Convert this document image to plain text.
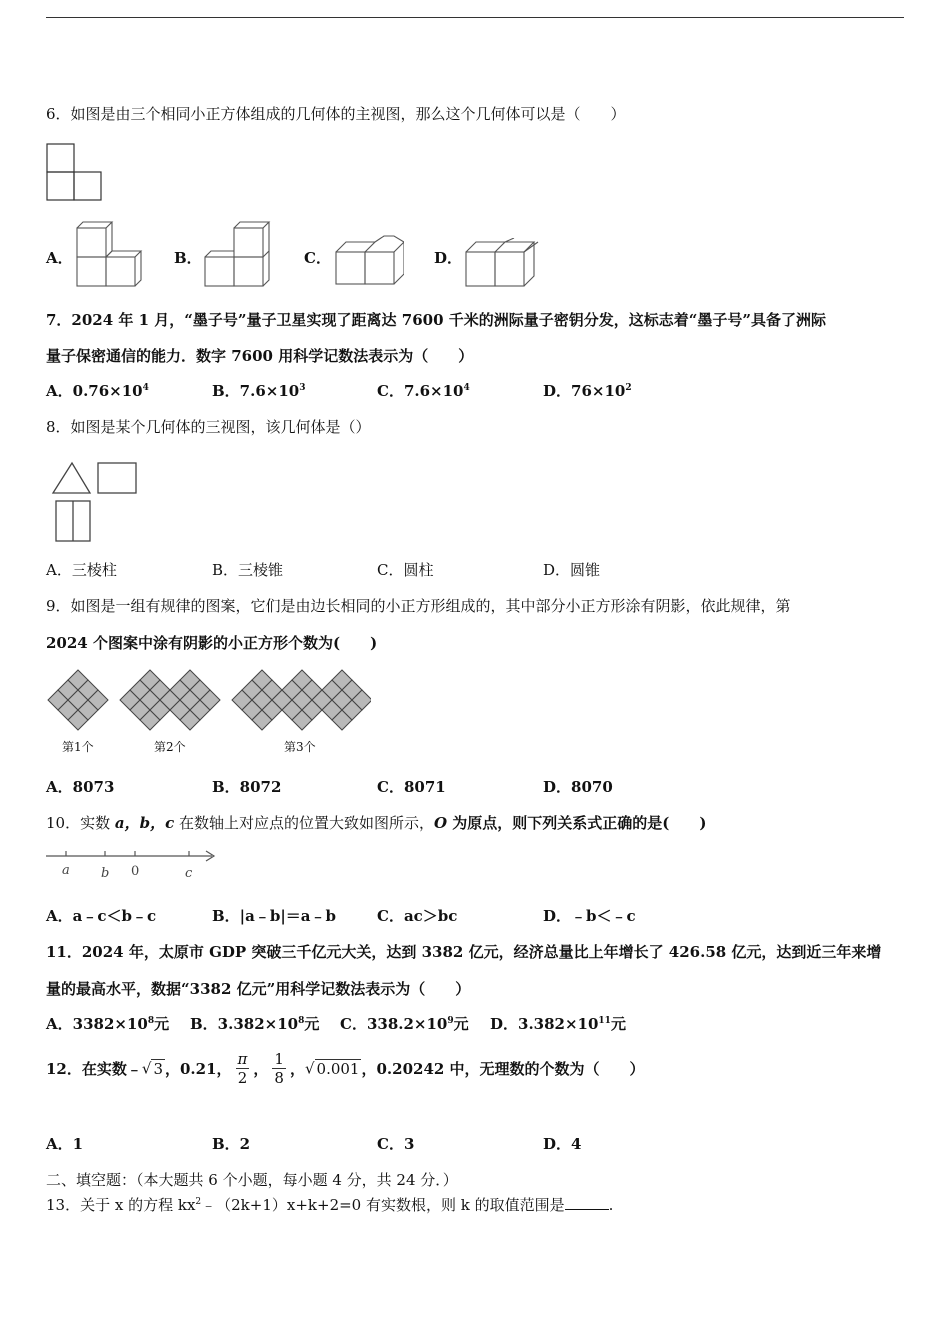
6．如图是由三个相同小正方体组成的几何体的主视图，那么这个几何体可以是（　　）
A．	B．	C．	D．
7．2024 年 1 月，“墨子号”量子卫星实现了距离达 7600 千米的洲际量子密钥分发，这标志着“墨子号”具备了洲际
量子保密通信的能力．数字 7600 用科学记数法表示为（　　）
A．$0.76\times 10^4$	B．$7.6\times 10^3$	C．$7.6\times 10^4$	D．$76\times 10^2$
8．如图是某个几何体的三视图，该几何体是（）
A．三棱柱	B．三棱锥	C．圆柱	D．圆锥
9．如图是一组有规律的图案，它们是由边长相同的小正方形组成的，其中部分小正方形涂有阴影，依此规律，第
2024 个图案中涂有阴影的小正方形个数为(　　)
第1个	第2个	第3个
A．8073	B．8072	C．8071	D．8070
10．实数 a，b，c 在数轴上对应点的位置大致如图所示，O 为原点，则下列关系式正确的是(　　)
a b 0	c
A．a﹣c＜b﹣c	B．|a﹣b|＝a﹣b	C．ac＞bc	D．﹣b＜﹣c
11．2024 年，太原市 GDP 突破三千亿元大关，达到 3382 亿元，经济总量比上年增长了 426.58 亿元，达到近三年来增
量的最高水平，数据“3382 亿元”用科学记数法表示为（　　）
A．$3382\times 10^8$元 B．$3.382\times 10^8$元 C．$338.2\times 10^9$元 D．$3.382\times 10^{11}$元
12．在实数﹣√ 3 ，0.21， $\frac{\pi}{2}$ ， $\frac{1}{8}$ ，√ 0.001 ，0.20242 中，无理数的个数为（　　）
A．1	B．2	C．3	D．4
二、填空题：（本大题共 6 个小题，每小题 4 分，共 24 分．）
13．关于 x 的方程 $kx^2﹣(2k+1)x+k+2=0$ 有实数根，则 k 的取值范围是	.
